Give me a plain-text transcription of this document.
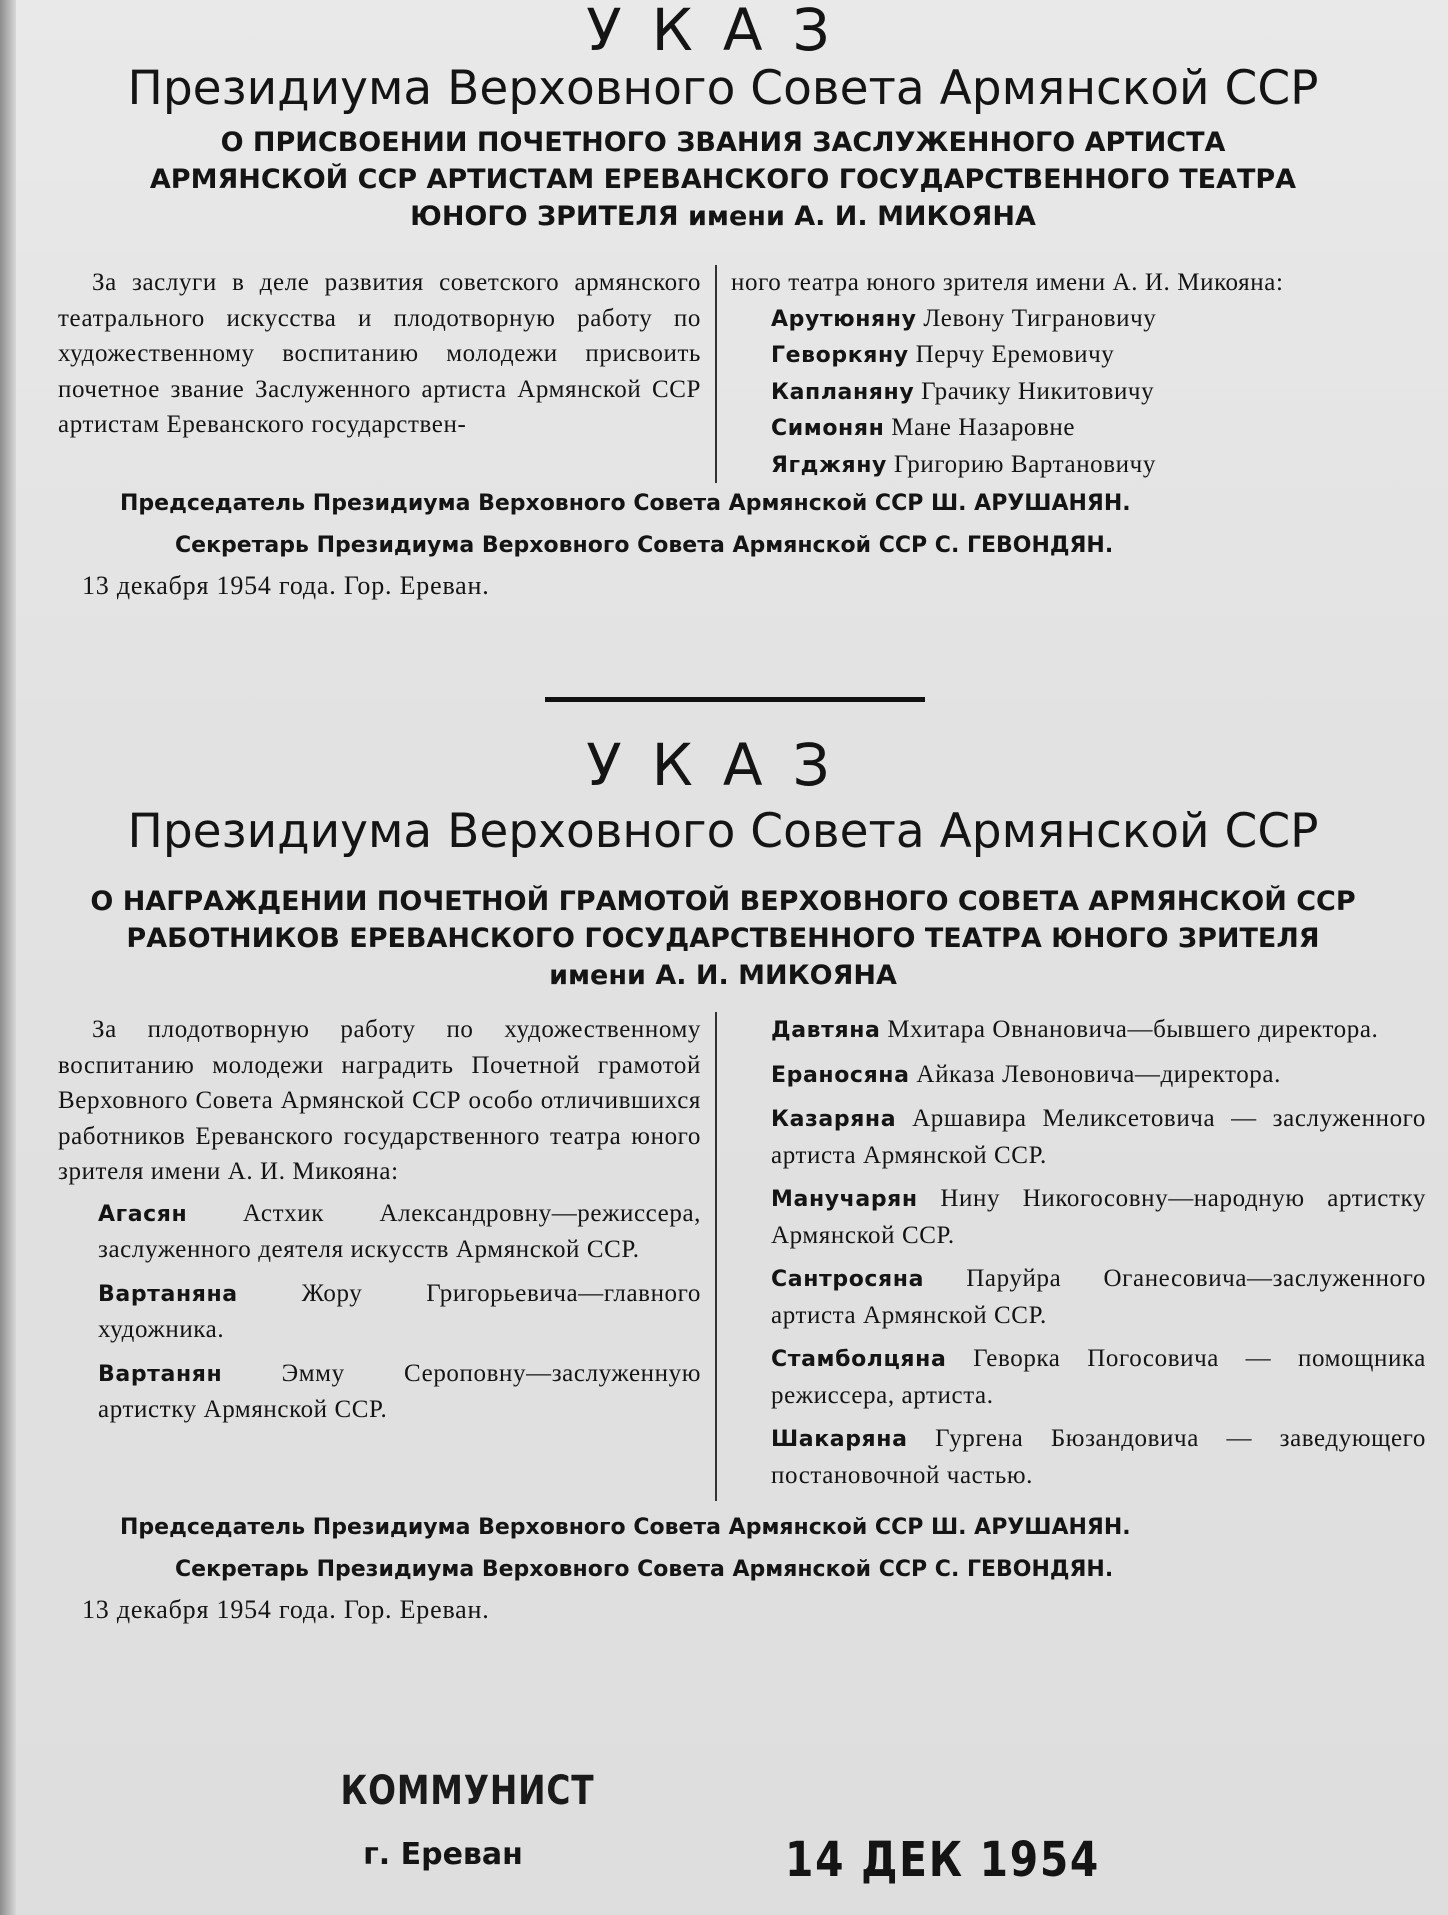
УКАЗ
Президиума Верховного Совета Армянской ССР

О ПРИСВОЕНИИ ПОЧЕТНОГО ЗВАНИЯ ЗАСЛУЖЕННОГО АРТИСТА

АРМЯНСКОЙ ССР АРТИСТАМ ЕРЕВАНСКОГО ГОСУДАРСТВЕННОГО ТЕАТРА

ЮНОГО ЗРИТЕЛЯ имени А. И. МИКОЯНА

За заслуги в деле развития советского армянского театрального искусства и плодотворную работу по художественному воспитанию молодежи присвоить почетное звание Заслуженного артиста Армянской ССР артистам Ереванского государствен-

ного театра юного зрителя имени А. И. Микояна:

Арутюняну Левону Тиграновичу

Геворкяну Перчу Еремовичу

Капланяну Грачику Никитовичу

Симонян Мане Назаровне

Ягджяну Григорию Вартановичу

Председатель Президиума Верховного Совета Армянской ССР Ш. АРУШАНЯН.

Секретарь Президиума Верховного Совета Армянской ССР С. ГЕВОНДЯН.

13 декабря 1954 года. Гор. Ереван.

УКАЗ
Президиума Верховного Совета Армянской ССР

О НАГРАЖДЕНИИ ПОЧЕТНОЙ ГРАМОТОЙ ВЕРХОВНОГО СОВЕТА АРМЯНСКОЙ ССР

РАБОТНИКОВ ЕРЕВАНСКОГО ГОСУДАРСТВЕННОГО ТЕАТРА ЮНОГО ЗРИТЕЛЯ

имени А. И. МИКОЯНА

За плодотворную работу по художественному воспитанию молодежи наградить Почетной грамотой Верховного Совета Армянской ССР особо отличившихся работников Ереванского государственного театра юного зрителя имени А. И. Микояна:

Агасян Астхик Александровну—режиссера, заслуженного деятеля искусств Армянской ССР.

Вартаняна	Жору Григорьевича—главного художника.

Вартанян Эмму Сероповну—заслуженную артистку Армянской ССР.

Давтяна Мхитара Овнановича—бывшего директора.

Ераносяна Айказа Левоновича—директора.

Казаряна Аршавира Меликсетовича — заслуженного артиста Армянской ССР.

Манучарян Нину Никогосовну—народную артистку Армянской ССР.

Сантросяна Паруйра Оганесовича—заслуженного артиста Армянской ССР.

Стамболцяна Геворка Погосовича — помощника режиссера, артиста.

Шакаряна Гургена Бюзандовича — заведующего постановочной частью.

Председатель Президиума Верховного Совета Армянской ССР Ш. АРУШАНЯН.

Секретарь Президиума Верховного Совета Армянской ССР С. ГЕВОНДЯН.

13 декабря 1954 года. Гор. Ереван.

КОММУНИСТ

г. Ереван	14 ДЕК 1954
